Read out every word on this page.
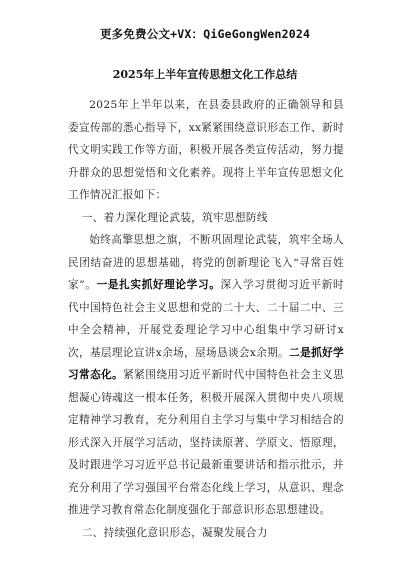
更多免费公文+VX：QiGeGongWen2024
2025年上半年宣传思想文化工作总结

2025年上半年以来，在县委县政府的正确领导和县委宣传部的悉心指导下，xx紧紧围绕意识形态工作、新时代文明实践工作等方面，积极开展各类宣传活动，努力提升群众的思想觉悟和文化素养。现将上半年宣传思想文化工作情况汇报如下：

一、着力深化理论武装，筑牢思想防线

始终高擎思想之旗，不断巩固理论武装，筑牢全场人民团结奋进的思想基础，将党的创新理论飞入“寻常百姓家”。一是扎实抓好理论学习。深入学习贯彻习近平新时代中国特色社会主义思想和党的二十大、二十届二中、三中全会精神，开展党委理论学习中心组集中学习研讨x次，基层理论宣讲x余场，屋场恳谈会x余期。二是抓好学习常态化。紧紧围绕用习近平新时代中国特色社会主义思想凝心铸魂这一根本任务，积极开展深入贯彻中央八项规定精神学习教育，充分利用自主学习与集中学习相结合的形式深入开展学习活动，坚持读原著、学原文、悟原理，及时跟进学习习近平总书记最新重要讲话和指示批示，并充分利用了学习强国平台常态化线上学习，从意识、理念推进学习教育常态化制度强化于部意识形态思想建设。

二、持续强化意识形态，凝聚发展合力
